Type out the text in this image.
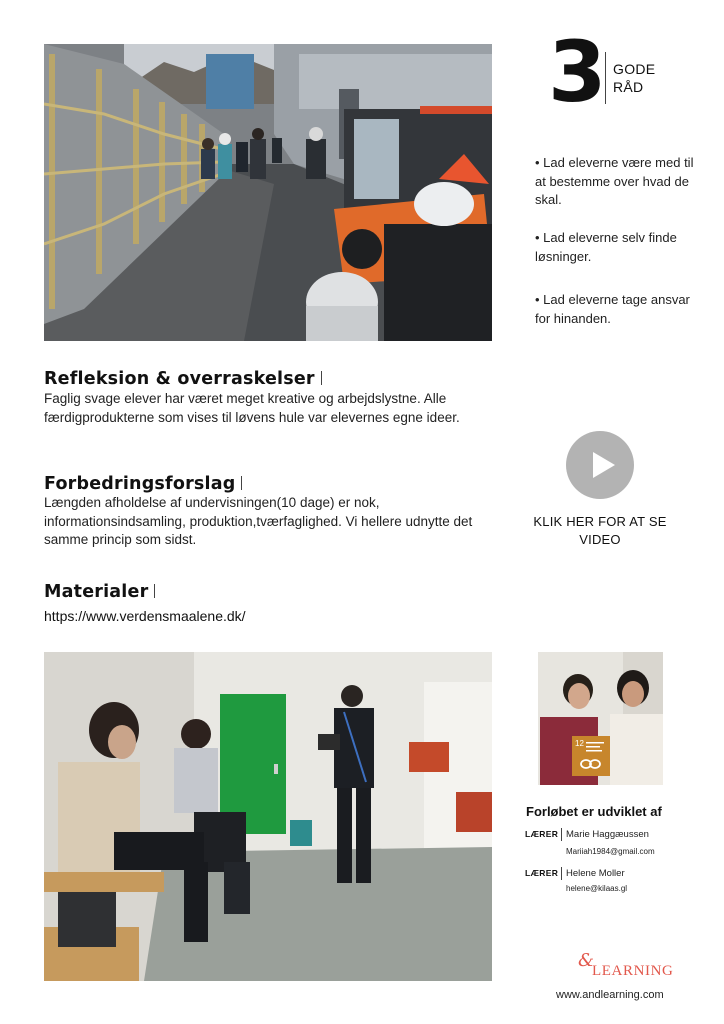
3 GODE
RÅD
• Lad eleverne være med til at bestemme over hvad de skal.
• Lad eleverne selv finde løsninger.
• Lad eleverne tage ansvar for hinanden.
Refleksion & overraskelser
Faglig svage elever har været meget kreative og arbejdslystne. Alle færdigprodukterne som vises til løvens hule var elevernes egne ideer.
Forbedringsforslag
Længden afholdelse af undervisningen(10 dage) er nok, informationsindsamling, produktion,tværfaglighed. Vi hellere udnytte det samme princip som sidst.
Materialer
https://www.verdensmaalene.dk/
KLIK HER FOR AT SE VIDEO
12
Forløbet er udviklet af
LÆRER Marie Haggæussen
Mariiah1984@gmail.com
LÆRER Helene Moller
helene@kilaas.gl
&
LEARNING
www.andlearning.com
